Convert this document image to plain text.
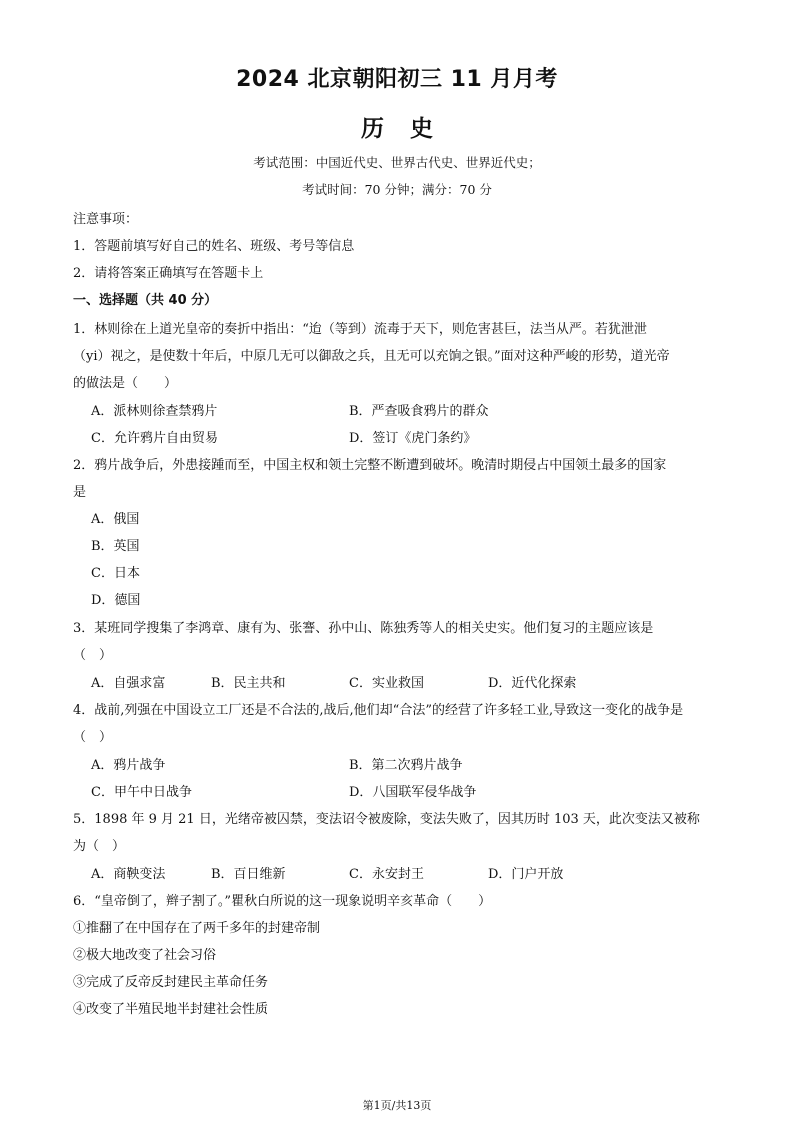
2024 北京朝阳初三 11 月月考
历史
考试范围：中国近代史、世界古代史、世界近代史；
考试时间：70 分钟；满分：70 分
注意事项：
1．答题前填写好自己的姓名、班级、考号等信息
2．请将答案正确填写在答题卡上
一、选择题（共 40 分）
1．林则徐在上道光皇帝的奏折中指出：“迨（等到）流毒于天下，则危害甚巨，法当从严。若犹泄泄
（yi）视之，是使数十年后，中原几无可以御敌之兵，且无可以充饷之银。”面对这种严峻的形势，道光帝
的做法是（　　）
A．派林则徐查禁鸦片	B．严查吸食鸦片的群众
C．允许鸦片自由贸易	D．签订《虎门条约》
2．鸦片战争后，外患接踵而至，中国主权和领土完整不断遭到破坏。晚清时期侵占中国领土最多的国家
是
A．俄国
B．英国
C．日本
D．德国
3．某班同学搜集了李鸿章、康有为、张謇、孙中山、陈独秀等人的相关史实。他们复习的主题应该是
（　）
A．自强求富	B．民主共和	C．实业救国	D．近代化探索
4．战前,列强在中国设立工厂还是不合法的,战后,他们却“合法”的经营了许多轻工业,导致这一变化的战争是
（　）
A．鸦片战争	B．第二次鸦片战争
C．甲午中日战争	D．八国联军侵华战争
5．1898 年 9 月 21 日，光绪帝被囚禁，变法诏令被废除，变法失败了，因其历时 103 天，此次变法又被称
为（　）
A．商鞅变法	B．百日维新	C．永安封王	D．门户开放
6．“皇帝倒了，辫子割了。”瞿秋白所说的这一现象说明辛亥革命（　　）
①推翻了在中国存在了两千多年的封建帝制
②极大地改变了社会习俗
③完成了反帝反封建民主革命任务
④改变了半殖民地半封建社会性质
第1页/共13页
